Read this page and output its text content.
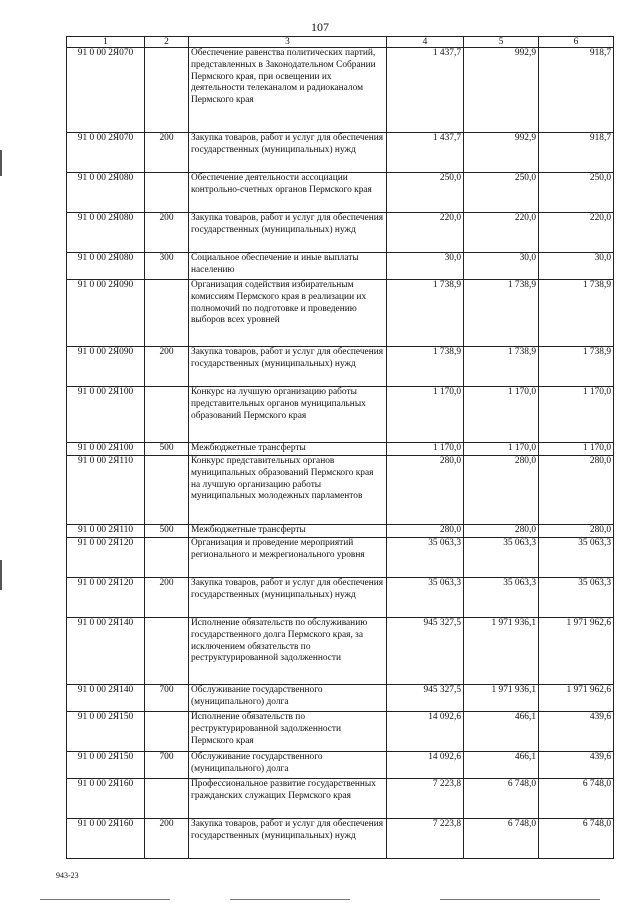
107
1	2	3	4	5	6
91 0 00 2Я070		Обеспечение равенства политических партий, представленных в Законодательном Собрании Пермского края, при освещении их деятельности телеканалом и радиоканалом Пермского края	1 437,7	992,9	918,7
91 0 00 2Я070	200	Закупка товаров, работ и услуг для обеспечения государственных (муниципальных) нужд	1 437,7	992,9	918,7
91 0 00 2Я080		Обеспечение деятельности ассоциации контрольно-счетных органов Пермского края	250,0	250,0	250,0
91 0 00 2Я080	200	Закупка товаров, работ и услуг для обеспечения государственных (муниципальных) нужд	220,0	220,0	220,0
91 0 00 2Я080	300	Социальное обеспечение и иные выплаты населению	30,0	30,0	30,0
91 0 00 2Я090		Организация содействия избирательным комиссиям Пермского края в реализации их полномочий по подготовке и проведению выборов всех уровней	1 738,9	1 738,9	1 738,9
91 0 00 2Я090	200	Закупка товаров, работ и услуг для обеспечения государственных (муниципальных) нужд	1 738,9	1 738,9	1 738,9
91 0 00 2Я100		Конкурс на лучшую организацию работы представительных органов муниципальных образований Пермского края	1 170,0	1 170,0	1 170,0
91 0 00 2Я100	500	Межбюджетные трансферты	1 170,0	1 170,0	1 170,0
91 0 00 2Я110		Конкурс представительных органов муниципальных образований Пермского края на лучшую организацию работы муниципальных молодежных парламентов	280,0	280,0	280,0
91 0 00 2Я110	500	Межбюджетные трансферты	280,0	280,0	280,0
91 0 00 2Я120		Организация и проведение мероприятий регионального и межрегионального уровня	35 063,3	35 063,3	35 063,3
91 0 00 2Я120	200	Закупка товаров, работ и услуг для обеспечения государственных (муниципальных) нужд	35 063,3	35 063,3	35 063,3
91 0 00 2Я140		Исполнение обязательств по обслуживанию государственного долга Пермского края, за исключением обязательств по реструктурированной задолженности	945 327,5	1 971 936,1	1 971 962,6
91 0 00 2Я140	700	Обслуживание государственного (муниципального) долга	945 327,5	1 971 936,1	1 971 962,6
91 0 00 2Я150		Исполнение обязательств по реструктурированной задолженности Пермского края	14 092,6	466,1	439,6
91 0 00 2Я150	700	Обслуживание государственного (муниципального) долга	14 092,6	466,1	439,6
91 0 00 2Я160		Профессиональное развитие государственных гражданских служащих Пермского края	7 223,8	6 748,0	6 748,0
91 0 00 2Я160	200	Закупка товаров, работ и услуг для обеспечения государственных (муниципальных) нужд	7 223,8	6 748,0	6 748,0
943-23
